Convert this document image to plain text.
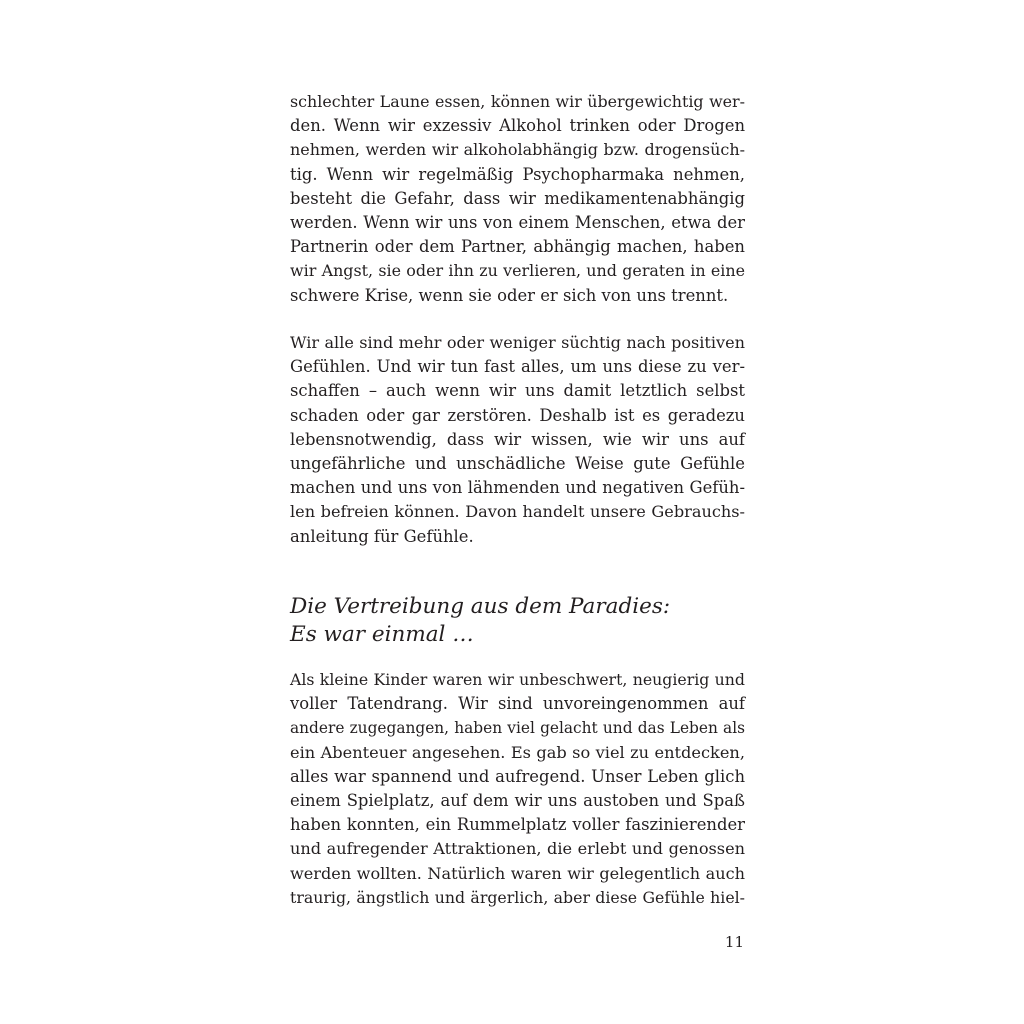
schlechter Laune essen, können wir übergewichtig wer-
den. Wenn wir exzessiv Alkohol trinken oder Drogen
nehmen, werden wir alkoholabhängig bzw. drogensüch-
tig. Wenn wir regelmäßig Psychopharmaka nehmen,
besteht die Gefahr, dass wir medikamentenabhängig
werden. Wenn wir uns von einem Menschen, etwa der
Partnerin oder dem Partner, abhängig machen, haben
wir Angst, sie oder ihn zu verlieren, und geraten in eine
schwere Krise, wenn sie oder er sich von uns trennt.
Wir alle sind mehr oder weniger süchtig nach positiven
Gefühlen. Und wir tun fast alles, um uns diese zu ver-
schaffen – auch wenn wir uns damit letztlich selbst
schaden oder gar zerstören. Deshalb ist es geradezu
lebensnotwendig, dass wir wissen, wie wir uns auf
ungefährliche und unschädliche Weise gute Gefühle
machen und uns von lähmenden und negativen Gefüh-
len befreien können. Davon handelt unsere Gebrauchs-
anleitung für Gefühle.
Die Vertreibung aus dem Paradies:
Es war einmal …
Als kleine Kinder waren wir unbeschwert, neugierig und
voller Tatendrang. Wir sind unvoreingenommen auf
andere zugegangen, haben viel gelacht und das Leben als
ein Abenteuer angesehen. Es gab so viel zu entdecken,
alles war spannend und aufregend. Unser Leben glich
einem Spielplatz, auf dem wir uns austoben und Spaß
haben konnten, ein Rummelplatz voller faszinierender
und aufregender Attraktionen, die erlebt und genossen
werden wollten. Natürlich waren wir gelegentlich auch
traurig, ängstlich und ärgerlich, aber diese Gefühle hiel-
11
